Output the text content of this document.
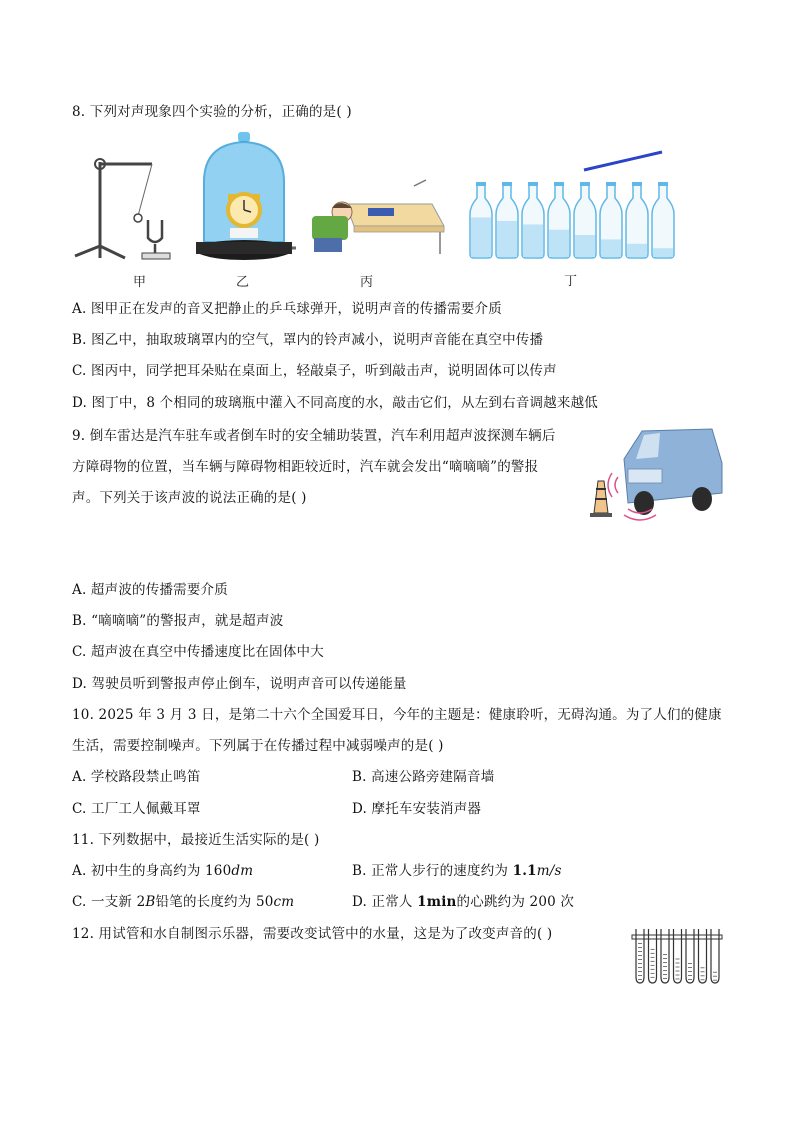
8. 下列对声现象四个实验的分析，正确的是( )
甲	乙	丙	丁
A. 图甲正在发声的音叉把静止的乒乓球弹开，说明声音的传播需要介质
B. 图乙中，抽取玻璃罩内的空气，罩内的铃声减小，说明声音能在真空中传播
C. 图丙中，同学把耳朵贴在桌面上，轻敲桌子，听到敲击声，说明固体可以传声
D. 图丁中，8 个相同的玻璃瓶中灌入不同高度的水，敲击它们，从左到右音调越来越低
9. 倒车雷达是汽车驻车或者倒车时的安全辅助装置，汽车利用超声波探测车辆后
方障碍物的位置，当车辆与障碍物相距较近时，汽车就会发出“嘀嘀嘀”的警报
声。下列关于该声波的说法正确的是( )
A. 超声波的传播需要介质
B. “嘀嘀嘀”的警报声，就是超声波
C. 超声波在真空中传播速度比在固体中大
D. 驾驶员听到警报声停止倒车，说明声音可以传递能量
10. 2025 年 3 月 3 日，是第二十六个全国爱耳日，今年的主题是：健康聆听，无碍沟通。为了人们的健康
生活，需要控制噪声。下列属于在传播过程中减弱噪声的是( )
A. 学校路段禁止鸣笛	B. 高速公路旁建隔音墙
C. 工厂工人佩戴耳罩	D. 摩托车安装消声器
11. 下列数据中，最接近生活实际的是( )
A. 初中生的身高约为 160dm	B. 正常人步行的速度约为 1.1m/s
C. 一支新 2B铅笔的长度约为 50cm	D. 正常人 1min的心跳约为 200 次
12. 用试管和水自制图示乐器，需要改变试管中的水量，这是为了改变声音的( )
